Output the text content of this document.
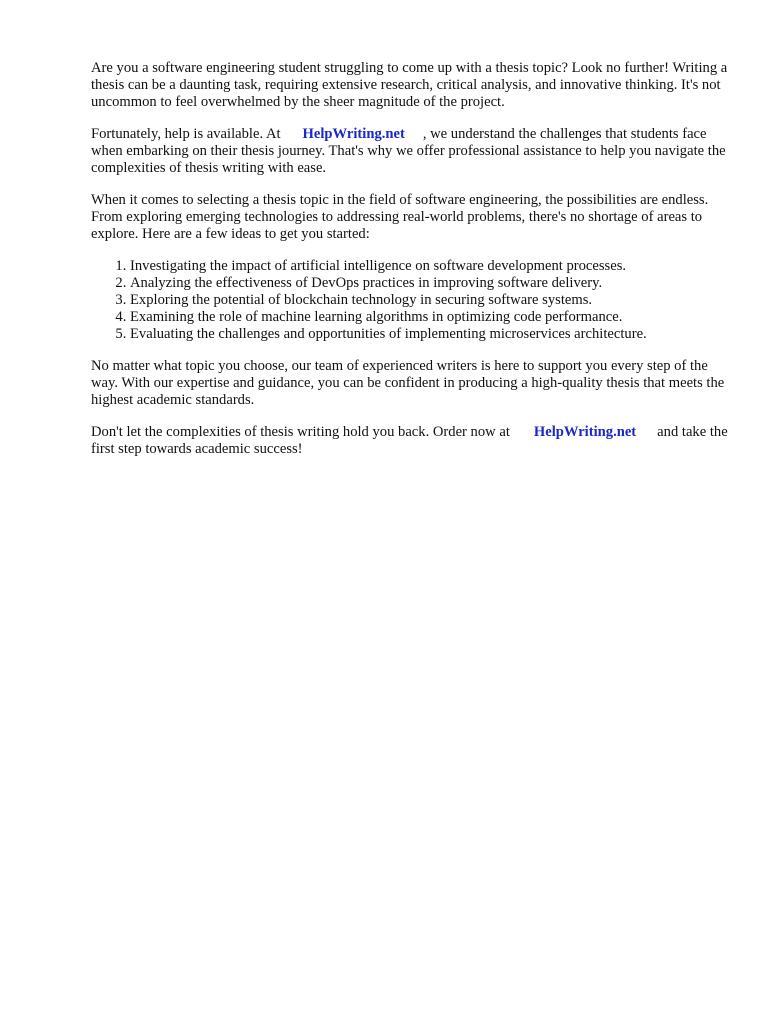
Are you a software engineering student struggling to come up with a thesis topic? Look no further! Writing a thesis can be a daunting task, requiring extensive research, critical analysis, and innovative thinking. It's not uncommon to feel overwhelmed by the sheer magnitude of the project.

Fortunately, help is available. At HelpWriting.net , we understand the challenges that students face when embarking on their thesis journey. That's why we offer professional assistance to help you navigate the complexities of thesis writing with ease.

When it comes to selecting a thesis topic in the field of software engineering, the possibilities are endless. From exploring emerging technologies to addressing real-world problems, there's no shortage of areas to explore. Here are a few ideas to get you started:

1. Investigating the impact of artificial intelligence on software development processes.
2. Analyzing the effectiveness of DevOps practices in improving software delivery.
3. Exploring the potential of blockchain technology in securing software systems.
4. Examining the role of machine learning algorithms in optimizing code performance.
5. Evaluating the challenges and opportunities of implementing microservices architecture.

No matter what topic you choose, our team of experienced writers is here to support you every step of the way. With our expertise and guidance, you can be confident in producing a high-quality thesis that meets the highest academic standards.

Don't let the complexities of thesis writing hold you back. Order now at HelpWriting.net and take the first step towards academic success!
